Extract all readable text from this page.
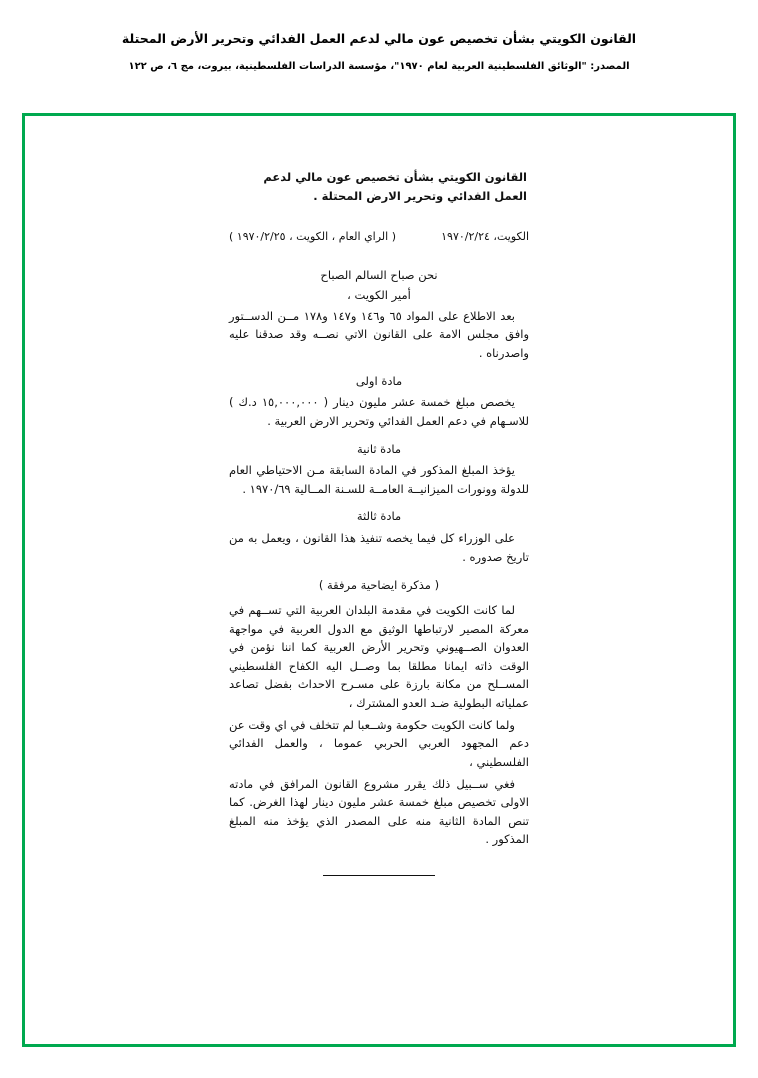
القانون الكويتي بشأن تخصيص عون مالي لدعم العمل الفدائي وتحرير الأرض المحتلة
المصدر: "الوثائق الفلسطينية العربية لعام ١٩٧٠"، مؤسسة الدراسات الفلسطينية، بيروت، مج ٦، ص ١٢٢
القانون الكويتي بشأن تخصيص عون مالي لدعم العمل الفدائي وتحرير الارض المحتلة .
الكويت، ١٩٧٠/٢/٢٤
( الراي العام ، الكويت ، ١٩٧٠/٢/٢٥ )
نحن صباح السالم الصباح
أمير الكويت ،
بعد الاطلاع على المواد ٦٥ و١٤٦ و١٤٧ و١٧٨ مــن الدســتور وافق مجلس الامة على القانون الاتي نصــه وقد صدقنا عليه واصدرناه .
مادة اولى
يخصص مبلغ خمسة عشر مليون دينار ( ١٥,٠٠٠,٠٠٠ د.ك ) للاسـهام في دعم العمل الفدائي وتحرير الارض العربية .
مادة ثانية
يؤخذ المبلغ المذكور في المادة السابقة مـن الاحتياطي العام للدولة وونورات الميزانيــة العامــة للسـنة المــالية ١٩٧٠/٦٩ .
مادة ثالثة
على الوزراء كل فيما يخصه تنفيذ هذا القانون ، ويعمل به من تاريخ صدوره .
( مذكرة ايضاحية مرفقة )
لما كانت الكويت في مقدمة البلدان العربية التي تســهم في معركة المصير لارتباطها الوثيق مع الدول العربية في مواجهة العدوان الصــهيوني وتحرير الأرض العربية كما اننا نؤمن في الوقت ذاته ايمانا مطلقا بما وصــل اليه الكفاح الفلسطيني المســلح من مكانة بارزة على مسـرح الاحداث بفضل تصاعد عملياته البطولية ضـد العدو المشترك ،
ولما كانت الكويت حكومة وشــعبا لم تتخلف في اي وقت عن دعم المجهود العربي الحربي عموما ، والعمل الفدائي الفلسطيني ،
فغي ســبيل ذلك يقرر مشروع القانون المرافق في مادته الاولى تخصيص مبلغ خمسة عشر مليون دينار لهذا الغرض. كما تنص المادة الثانية منه على المصدر الذي يؤخذ منه المبلغ المذكور .
